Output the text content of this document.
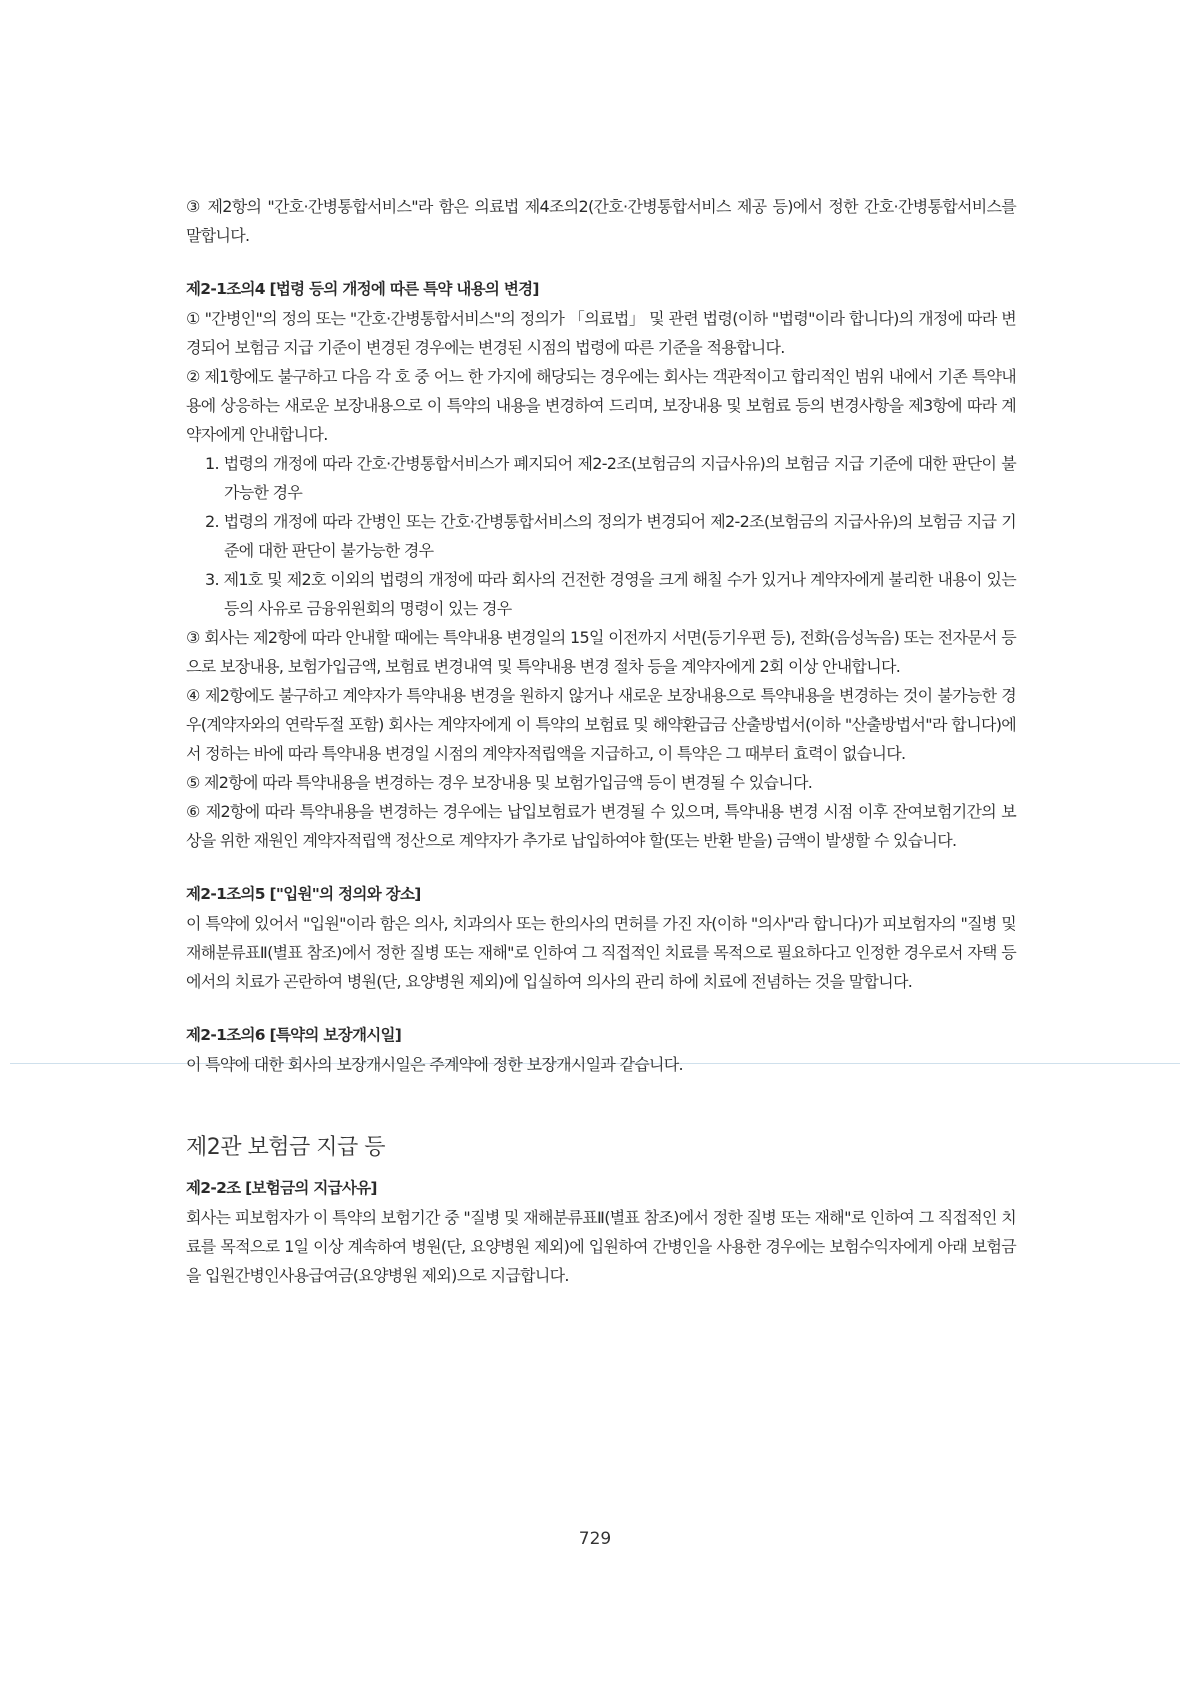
③ 제2항의 "간호·간병통합서비스"라 함은 의료법 제4조의2(간호·간병통합서비스 제공 등)에서 정한 간호·간병통합서비스를 말합니다.

제2-1조의4 [법령 등의 개정에 따른 특약 내용의 변경]

① "간병인"의 정의 또는 "간호·간병통합서비스"의 정의가 「의료법」 및 관련 법령(이하 "법령"이라 합니다)의 개정에 따라 변경되어 보험금 지급 기준이 변경된 경우에는 변경된 시점의 법령에 따른 기준을 적용합니다.

② 제1항에도 불구하고 다음 각 호 중 어느 한 가지에 해당되는 경우에는 회사는 객관적이고 합리적인 범위 내에서 기존 특약내용에 상응하는 새로운 보장내용으로 이 특약의 내용을 변경하여 드리며, 보장내용 및 보험료 등의 변경사항을 제3항에 따라 계약자에게 안내합니다.

1. 법령의 개정에 따라 간호·간병통합서비스가 폐지되어 제2-2조(보험금의 지급사유)의 보험금 지급 기준에 대한 판단이 불가능한 경우

2. 법령의 개정에 따라 간병인 또는 간호·간병통합서비스의 정의가 변경되어 제2-2조(보험금의 지급사유)의 보험금 지급 기준에 대한 판단이 불가능한 경우

3. 제1호 및 제2호 이외의 법령의 개정에 따라 회사의 건전한 경영을 크게 해칠 수가 있거나 계약자에게 불리한 내용이 있는 등의 사유로 금융위원회의 명령이 있는 경우

③ 회사는 제2항에 따라 안내할 때에는 특약내용 변경일의 15일 이전까지 서면(등기우편 등), 전화(음성녹음) 또는 전자문서 등으로 보장내용, 보험가입금액, 보험료 변경내역 및 특약내용 변경 절차 등을 계약자에게 2회 이상 안내합니다.

④ 제2항에도 불구하고 계약자가 특약내용 변경을 원하지 않거나 새로운 보장내용으로 특약내용을 변경하는 것이 불가능한 경우(계약자와의 연락두절 포함) 회사는 계약자에게 이 특약의 보험료 및 해약환급금 산출방법서(이하 "산출방법서"라 합니다)에서 정하는 바에 따라 특약내용 변경일 시점의 계약자적립액을 지급하고, 이 특약은 그 때부터 효력이 없습니다.

⑤ 제2항에 따라 특약내용을 변경하는 경우 보장내용 및 보험가입금액 등이 변경될 수 있습니다.

⑥ 제2항에 따라 특약내용을 변경하는 경우에는 납입보험료가 변경될 수 있으며, 특약내용 변경 시점 이후 잔여보험기간의 보상을 위한 재원인 계약자적립액 정산으로 계약자가 추가로 납입하여야 할(또는 반환 받을) 금액이 발생할 수 있습니다.

제2-1조의5 ["입원"의 정의와 장소]

이 특약에 있어서 "입원"이라 함은 의사, 치과의사 또는 한의사의 면허를 가진 자(이하 "의사"라 합니다)가 피보험자의 "질병 및 재해분류표Ⅱ(별표 참조)에서 정한 질병 또는 재해"로 인하여 그 직접적인 치료를 목적으로 필요하다고 인정한 경우로서 자택 등에서의 치료가 곤란하여 병원(단, 요양병원 제외)에 입실하여 의사의 관리 하에 치료에 전념하는 것을 말합니다.

제2-1조의6 [특약의 보장개시일]

이 특약에 대한 회사의 보장개시일은 주계약에 정한 보장개시일과 같습니다.

제2관 보험금 지급 등

제2-2조 [보험금의 지급사유]

회사는 피보험자가 이 특약의 보험기간 중 "질병 및 재해분류표Ⅱ(별표 참조)에서 정한 질병 또는 재해"로 인하여 그 직접적인 치료를 목적으로 1일 이상 계속하여 병원(단, 요양병원 제외)에 입원하여 간병인을 사용한 경우에는 보험수익자에게 아래 보험금을 입원간병인사용급여금(요양병원 제외)으로 지급합니다.

729
